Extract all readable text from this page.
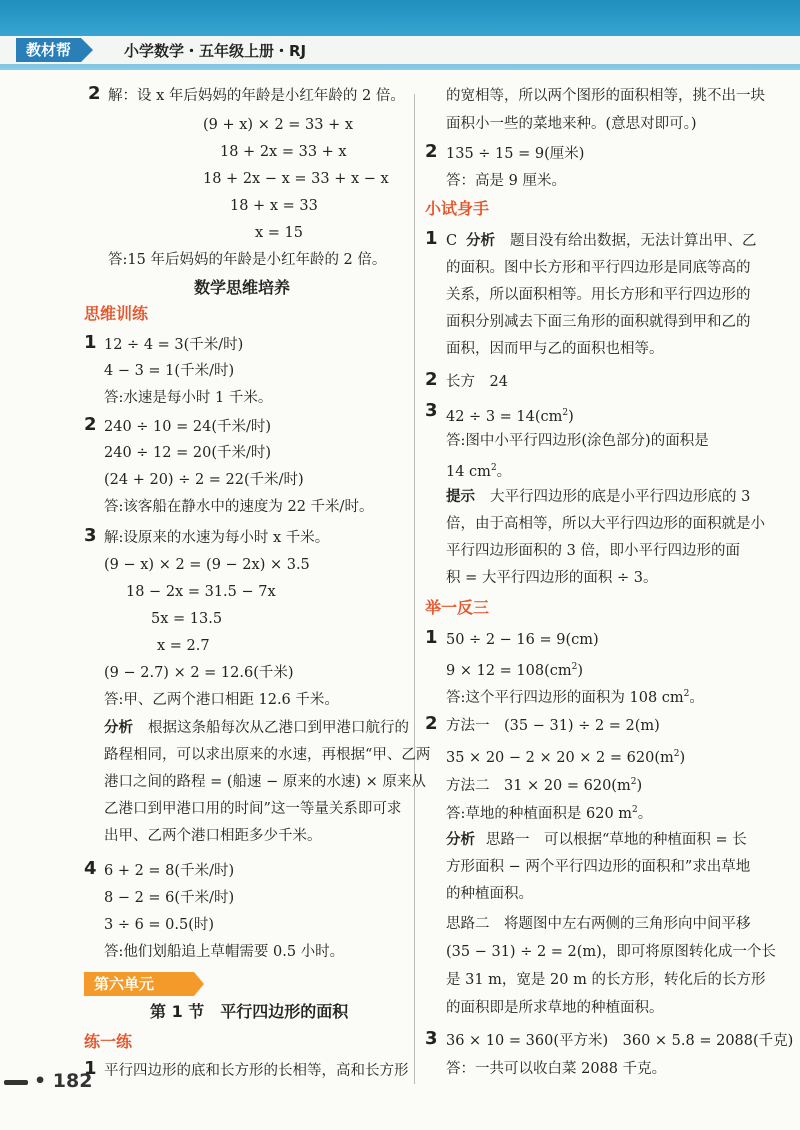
教材帮	小学数学・五年级上册・RJ
2 解：设 x 年后妈妈的年龄是小红年龄的 2 倍。
(9 + x) × 2 = 33 + x
18 + 2x = 33 + x
18 + 2x − x = 33 + x − x
18 + x = 33
x = 15
答:15 年后妈妈的年龄是小红年龄的 2 倍。
数学思维培养
思维训练
1 12 ÷ 4 = 3(千米/时)
4 − 3 = 1(千米/时)
答:水速是每小时 1 千米。
2 240 ÷ 10 = 24(千米/时)
240 ÷ 12 = 20(千米/时)
(24 + 20) ÷ 2 = 22(千米/时)
答:该客船在静水中的速度为 22 千米/时。
3 解:设原来的水速为每小时 x 千米。
(9 − x) × 2 = (9 − 2x) × 3.5
18 − 2x = 31.5 − 7x
5x = 13.5
x = 2.7
(9 − 2.7) × 2 = 12.6(千米)
答:甲、乙两个港口相距 12.6 千米。
分析 根据这条船每次从乙港口到甲港口航行的
路程相同，可以求出原来的水速，再根据“甲、乙两
港口之间的路程 = (船速 − 原来的水速) × 原来从
乙港口到甲港口用的时间”这一等量关系即可求
出甲、乙两个港口相距多少千米。
4 6 + 2 = 8(千米/时)
8 − 2 = 6(千米/时)
3 ÷ 6 = 0.5(时)
答:他们划船追上草帽需要 0.5 小时。
第六单元
第 1 节　平行四边形的面积
练一练
1 平行四边形的底和长方形的长相等，高和长方形
的宽相等，所以两个图形的面积相等，挑不出一块
面积小一些的菜地来种。(意思对即可。)
2 135 ÷ 15 = 9(厘米)
答：高是 9 厘米。
小试身手
1 C 分析 题目没有给出数据，无法计算出甲、乙
的面积。图中长方形和平行四边形是同底等高的
关系，所以面积相等。用长方形和平行四边形的
面积分别减去下面三角形的面积就得到甲和乙的
面积，因而甲与乙的面积也相等。
2 长方　24
3 $42 \div 3 = 14(cm^2)$
答:图中小平行四边形(涂色部分)的面积是
14 $cm^2$。
提示 大平行四边形的底是小平行四边形底的 3
倍，由于高相等，所以大平行四边形的面积就是小
平行四边形面积的 3 倍，即小平行四边形的面
积 = 大平行四边形的面积 ÷ 3。
举一反三
1 50 ÷ 2 − 16 = 9(cm)
$9 \times 12 = 108(cm^2)$
答:这个平行四边形的面积为 108 $cm^2$。
2 方法一　(35 − 31) ÷ 2 = 2(m)
$35 \times 20 - 2 \times 20 \times 2 = 620(m^2)$
方法二　$31 \times 20 = 620(m^2)$
答:草地的种植面积是 620 $m^2$。
分析 思路一　可以根据“草地的种植面积 = 长
方形面积 − 两个平行四边形的面积和”求出草地
的种植面积。
思路二　将题图中左右两侧的三角形向中间平移
(35 − 31) ÷ 2 = 2(m)，即可将原图转化成一个长
是 31 m，宽是 20 m 的长方形，转化后的长方形
的面积即是所求草地的种植面积。
3 36 × 10 = 360(平方米)　360 × 5.8 = 2088(千克)
答：一共可以收白菜 2088 千克。
• 182
